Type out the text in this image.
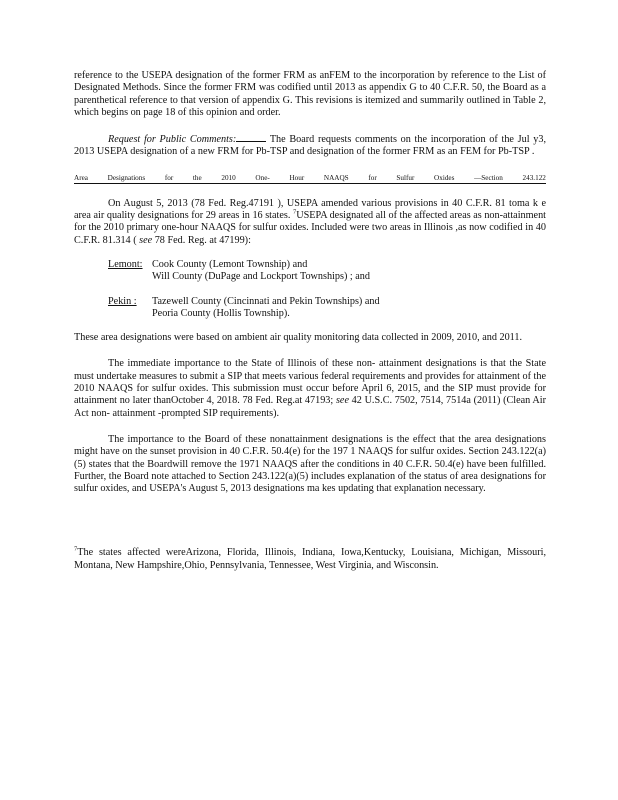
reference to the USEPA designation of the former FRM as anFEM to the incorporation by reference to the List of Designated Methods. Since the former FRM was codified until 2013 as appendix G to 40 C.F.R. 50, the Board as a parenthetical reference to that version of appendix G. This revisions is itemized and summarily outlined in Table 2, which begins on page 18 of this opinion and order.

Request for Public Comments:	The Board requests comments on the incorporation of the Jul y3, 2013 USEPA designation of a new FRM for Pb-TSP and designation of the former FRM as an FEM for Pb-TSP .

Area	Designations	for	the	2010	One-	Hour	NAAQS	for	Sulfur	Oxides	—Section	243.122

On August 5, 2013 (78 Fed. Reg.47191 ), USEPA amended various provisions in 40 C.F.R. 81 toma k e area air quality designations for 29 areas in 16 states. $^7$USEPA designated all of the affected areas as non-attainment for the 2010 primary one-hour NAAQS for sulfur oxides. Included were two areas in Illinois ,as now codified in 40 C.F.R. 81.314 ( see 78 Fed. Reg. at 47199):

Lemont: Cook County (Lemont Township) and
Will County (DuPage and Lockport Townships) ; and
Pekin :	Tazewell County (Cincinnati and Pekin Townships) and
Peoria County (Hollis Township).

These area designations were based on ambient air quality monitoring data collected in 2009, 2010, and 2011.

The immediate importance to the State of Illinois of these non- attainment designations is that the State must undertake measures to submit a SIP that meets various federal requirements and provides for attainment of the 2010 NAAQS for sulfur oxides. This submission must occur before April 6, 2015, and the SIP must provide for attainment no later thanOctober 4, 2018. 78 Fed. Reg.at 47193; see 42 U.S.C. 7502, 7514, 7514a (2011) (Clean Air Act non- attainment -prompted SIP requirements).

The importance to the Board of these nonattainment designations is the effect that the area designations might have on the sunset provision in 40 C.F.R. 50.4(e) for the 197 1 NAAQS for sulfur oxides. Section 243.122(a)(5) states that the Boardwill remove the 1971 NAAQS after the conditions in 40 C.F.R. 50.4(e) have been fulfilled. Further, the Board note attached to Section 243.122(a)(5) includes explanation of the status of area designations for sulfur oxides, and USEPA's August 5, 2013 designations ma kes updating that explanation necessary.

$^7$The states affected wereArizona, Florida, Illinois, Indiana, Iowa,Kentucky, Louisiana, Michigan, Missouri, Montana, New Hampshire,Ohio, Pennsylvania, Tennessee, West Virginia, and Wisconsin.
